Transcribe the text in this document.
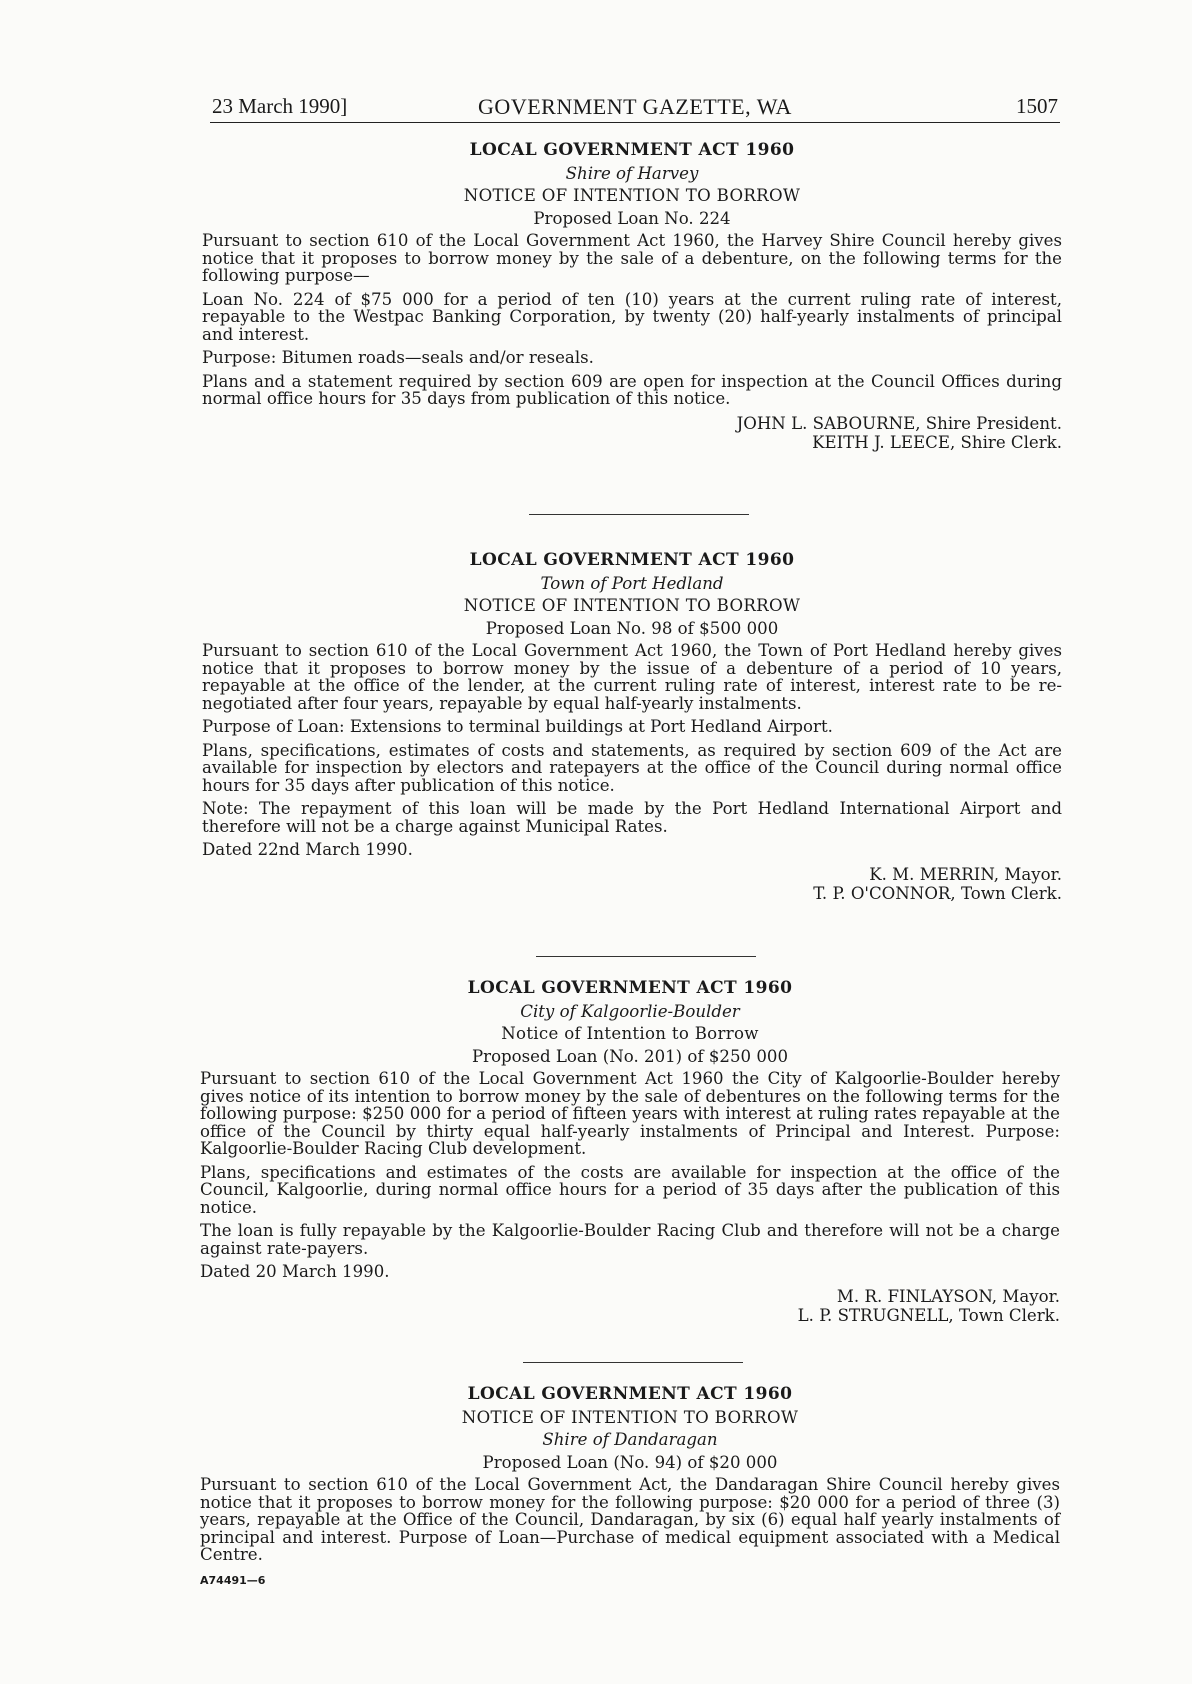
23 March 1990]	GOVERNMENT GAZETTE, WA	1507
LOCAL GOVERNMENT ACT 1960
Shire of Harvey
NOTICE OF INTENTION TO BORROW
Proposed Loan No. 224

Pursuant to section 610 of the Local Government Act 1960, the Harvey Shire Council hereby gives notice that it proposes to borrow money by the sale of a debenture, on the following terms for the following purpose—

Loan No. 224 of $75 000 for a period of ten (10) years at the current ruling rate of interest, repayable to the Westpac Banking Corporation, by twenty (20) half-yearly instalments of principal and interest.

Purpose: Bitumen roads—seals and/or reseals.

Plans and a statement required by section 609 are open for inspection at the Council Offices during normal office hours for 35 days from publication of this notice.

JOHN L. SABOURNE, Shire President.
KEITH J. LEECE, Shire Clerk.
LOCAL GOVERNMENT ACT 1960
Town of Port Hedland
NOTICE OF INTENTION TO BORROW
Proposed Loan No. 98 of $500 000

Pursuant to section 610 of the Local Government Act 1960, the Town of Port Hedland hereby gives notice that it proposes to borrow money by the issue of a debenture of a period of 10 years, repayable at the office of the lender, at the current ruling rate of interest, interest rate to be re-negotiated after four years, repayable by equal half-yearly instalments.

Purpose of Loan: Extensions to terminal buildings at Port Hedland Airport.

Plans, specifications, estimates of costs and statements, as required by section 609 of the Act are available for inspection by electors and ratepayers at the office of the Council during normal office hours for 35 days after publication of this notice.

Note: The repayment of this loan will be made by the Port Hedland International Airport and therefore will not be a charge against Municipal Rates.

Dated 22nd March 1990.

K. M. MERRIN, Mayor.
T. P. O'CONNOR, Town Clerk.
LOCAL GOVERNMENT ACT 1960
City of Kalgoorlie-Boulder
Notice of Intention to Borrow
Proposed Loan (No. 201) of $250 000

Pursuant to section 610 of the Local Government Act 1960 the City of Kalgoorlie-Boulder hereby gives notice of its intention to borrow money by the sale of debentures on the following terms for the following purpose: $250 000 for a period of fifteen years with interest at ruling rates repayable at the office of the Council by thirty equal half-yearly instalments of Principal and Interest. Purpose: Kalgoorlie-Boulder Racing Club development.

Plans, specifications and estimates of the costs are available for inspection at the office of the Council, Kalgoorlie, during normal office hours for a period of 35 days after the publication of this notice.

The loan is fully repayable by the Kalgoorlie-Boulder Racing Club and therefore will not be a charge against rate-payers.

Dated 20 March 1990.

M. R. FINLAYSON, Mayor.
L. P. STRUGNELL, Town Clerk.
LOCAL GOVERNMENT ACT 1960
NOTICE OF INTENTION TO BORROW
Shire of Dandaragan
Proposed Loan (No. 94) of $20 000

Pursuant to section 610 of the Local Government Act, the Dandaragan Shire Council hereby gives notice that it proposes to borrow money for the following purpose: $20 000 for a period of three (3) years, repayable at the Office of the Council, Dandaragan, by six (6) equal half yearly instalments of principal and interest. Purpose of Loan—Purchase of medical equipment associated with a Medical Centre.

A74491—6
